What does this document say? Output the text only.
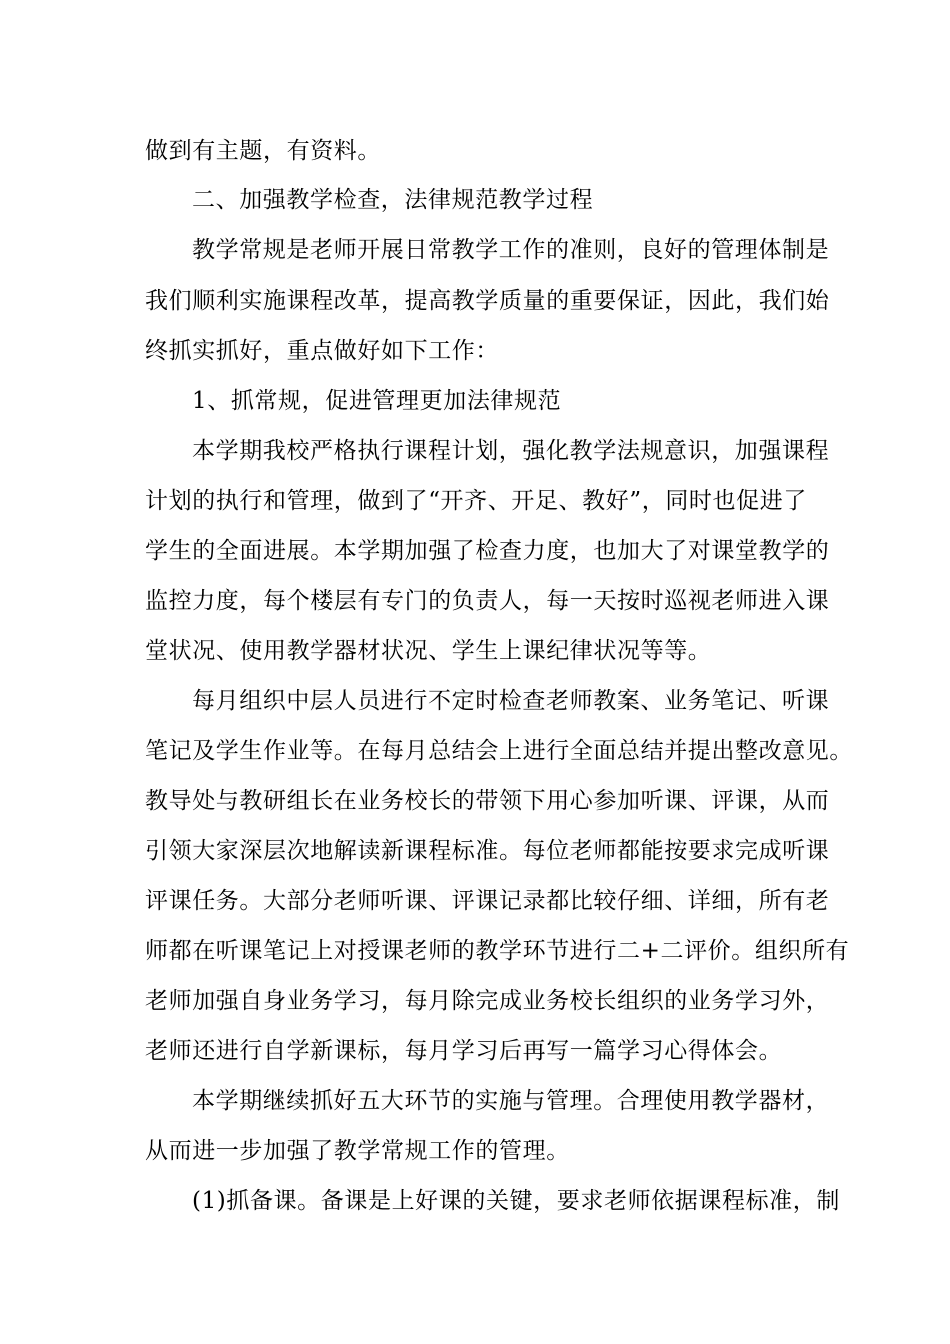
做到有主题，有资料。
二、加强教学检查，法律规范教学过程
教学常规是老师开展日常教学工作的准则，良好的管理体制是
我们顺利实施课程改革，提高教学质量的重要保证，因此，我们始
终抓实抓好，重点做好如下工作：
1、抓常规，促进管理更加法律规范
本学期我校严格执行课程计划，强化教学法规意识，加强课程
计划的执行和管理，做到了“开齐、开足、教好”，同时也促进了
学生的全面进展。本学期加强了检查力度，也加大了对课堂教学的
监控力度，每个楼层有专门的负责人，每一天按时巡视老师进入课
堂状况、使用教学器材状况、学生上课纪律状况等等。
每月组织中层人员进行不定时检查老师教案、业务笔记、听课
笔记及学生作业等。在每月总结会上进行全面总结并提出整改意见。
教导处与教研组长在业务校长的带领下用心参加听课、评课，从而
引领大家深层次地解读新课程标准。每位老师都能按要求完成听课
评课任务。大部分老师听课、评课记录都比较仔细、详细，所有老
师都在听课笔记上对授课老师的教学环节进行二+二评价。组织所有
老师加强自身业务学习，每月除完成业务校长组织的业务学习外，
老师还进行自学新课标，每月学习后再写一篇学习心得体会。
本学期继续抓好五大环节的实施与管理。合理使用教学器材，
从而进一步加强了教学常规工作的管理。
(1)抓备课。备课是上好课的关键，要求老师依据课程标准，制
